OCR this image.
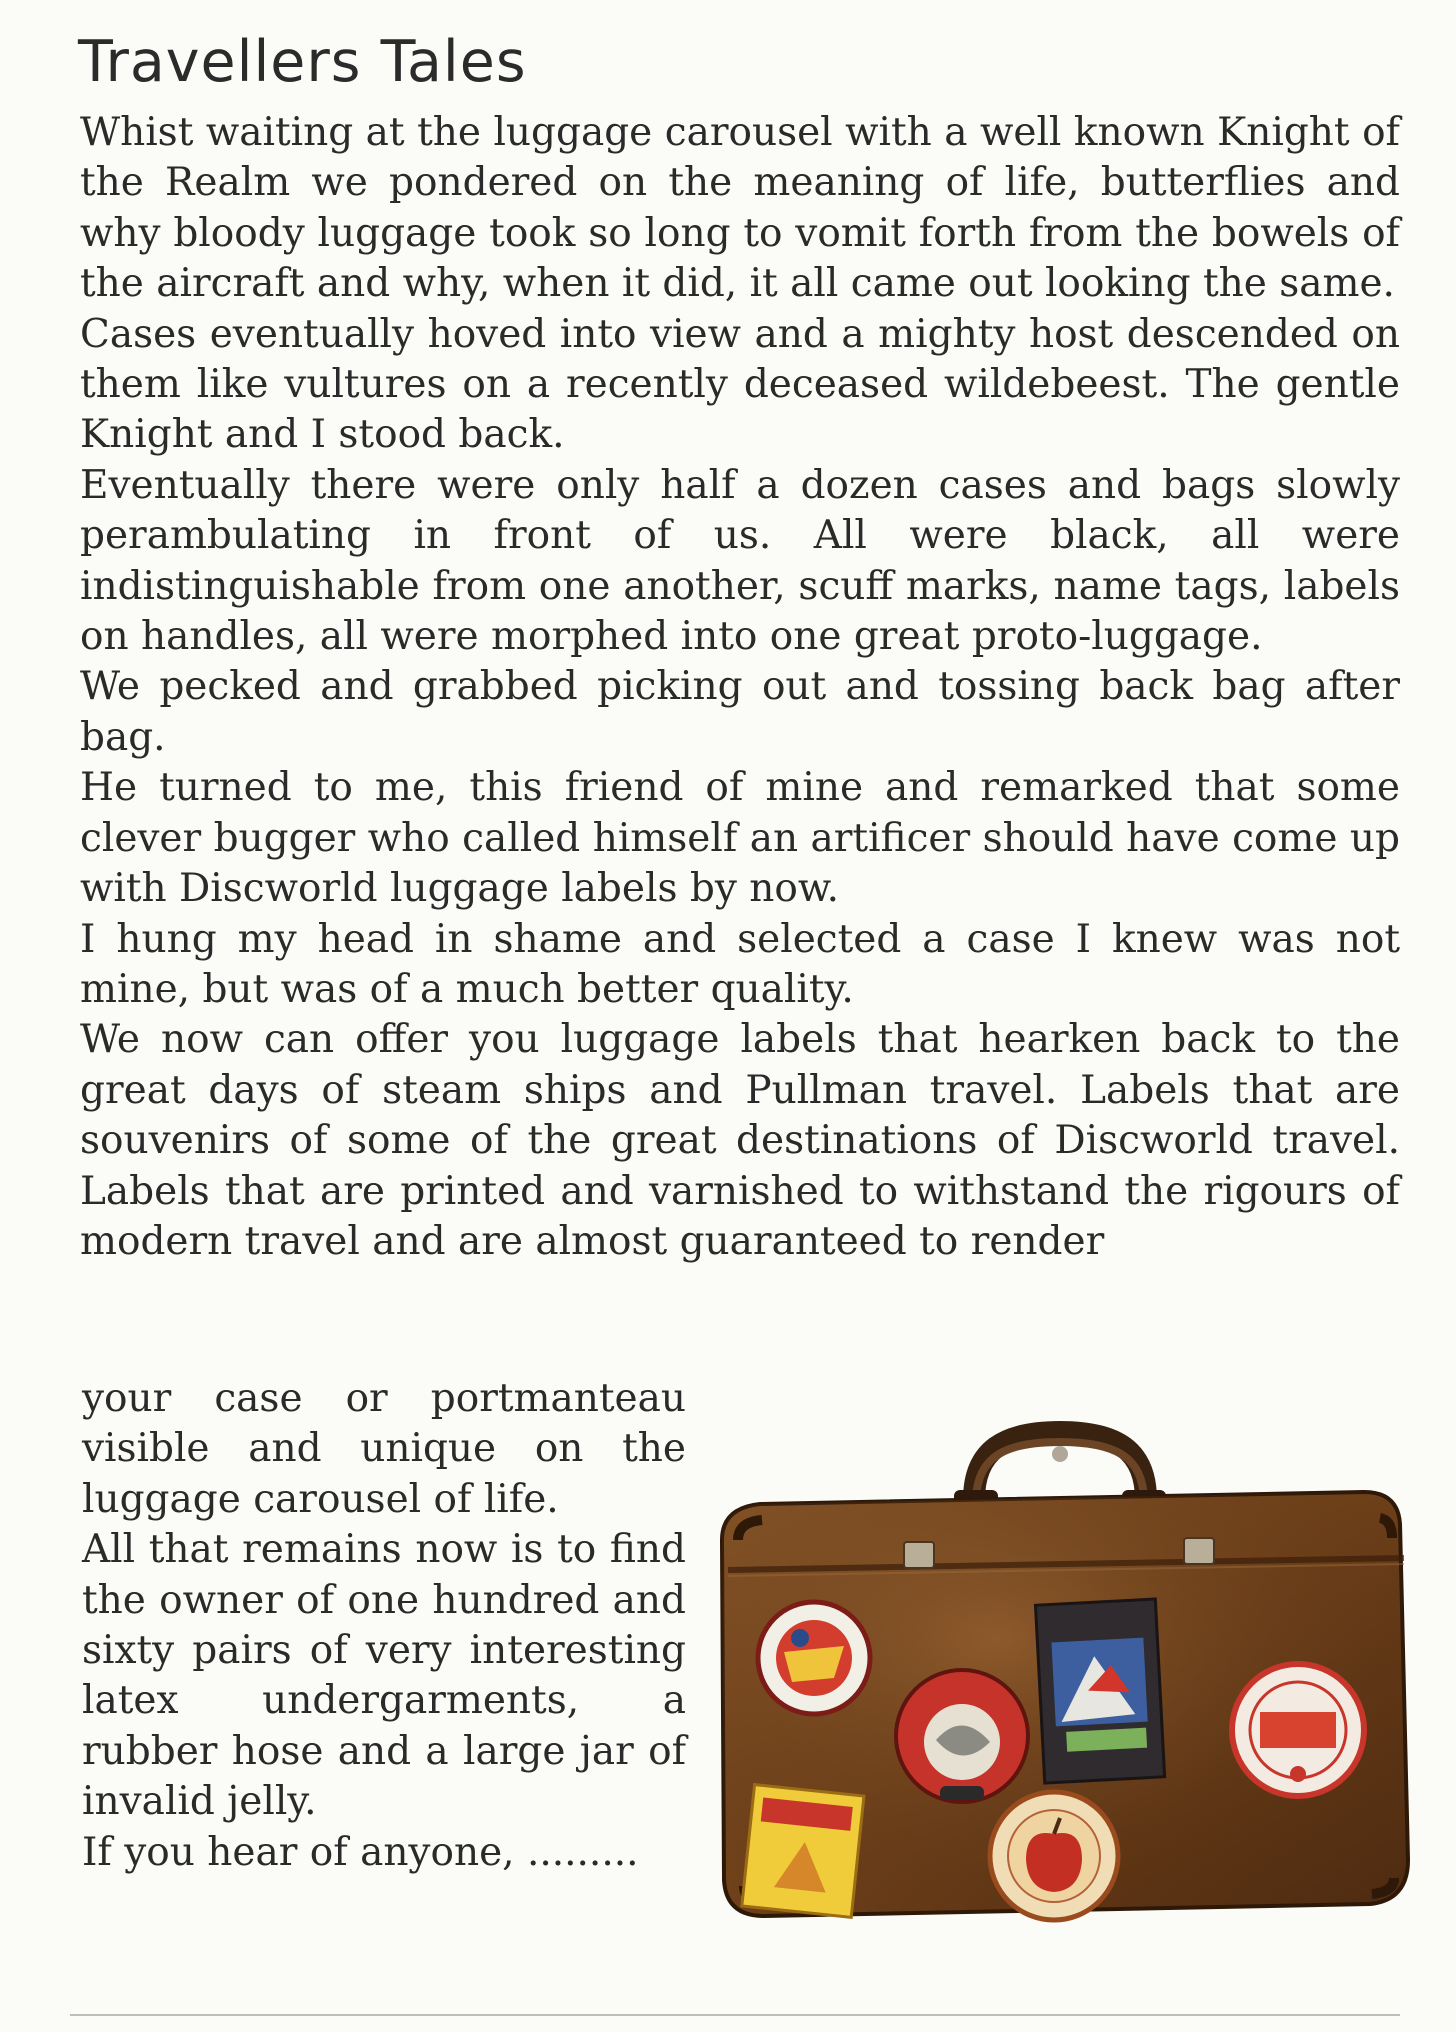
Travellers Tales

Whist waiting at the luggage carousel with a well known Knight of the Realm we pondered on the meaning of life, butterflies and why bloody luggage took so long to vomit forth from the bowels of the aircraft and why, when it did, it all came out looking the same.

Cases eventually hoved into view and a mighty host descended on them like vultures on a recently deceased wildebeest. The gentle Knight and I stood back.

Eventually there were only half a dozen cases and bags slowly perambulating in front of us. All were black, all were indistinguishable from one another, scuff marks, name tags, labels on handles, all were morphed into one great proto-luggage.

We pecked and grabbed picking out and tossing back bag after bag.

He turned to me, this friend of mine and remarked that some clever bugger who called himself an artificer should have come up with Discworld luggage labels by now.

I hung my head in shame and selected a case I knew was not mine, but was of a much better quality.

We now can offer you luggage labels that hearken back to the great days of steam ships and Pullman travel. Labels that are souvenirs of some of the great destinations of Discworld travel. Labels that are printed and varnished to withstand the rigours of modern travel and are almost guaranteed to render

your case or portmanteau visible and unique on the luggage carousel of life.

All that remains now is to find the owner of one hundred and sixty pairs of very interesting latex undergarments, a rubber hose and a large jar of invalid jelly.

If you hear of anyone, .........
